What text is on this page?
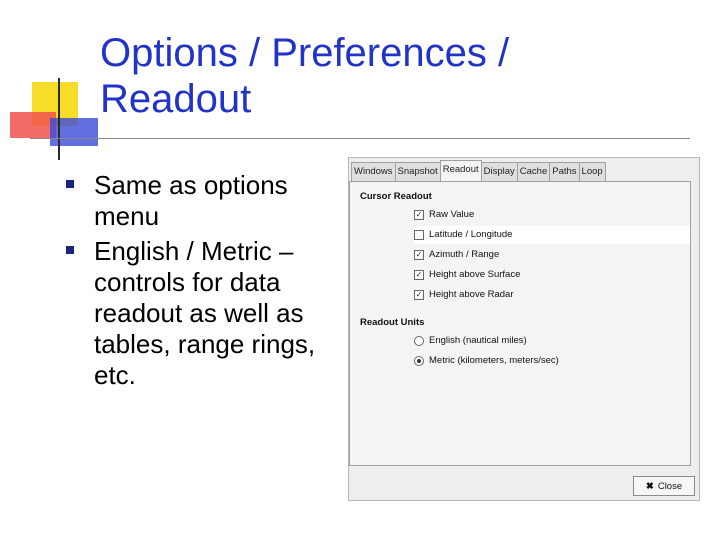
Options / Preferences / Readout
Same as options menu
English / Metric – controls for data readout as well as tables, range rings, etc.
Windows Snapshot Readout Display Cache Paths Loop
Cursor Readout
✓ Raw Value
Latitude / Longitude
✓ Azimuth / Range
✓ Height above Surface
✓ Height above Radar
Readout Units
English (nautical miles)
Metric (kilometers, meters/sec)
✖ Close
